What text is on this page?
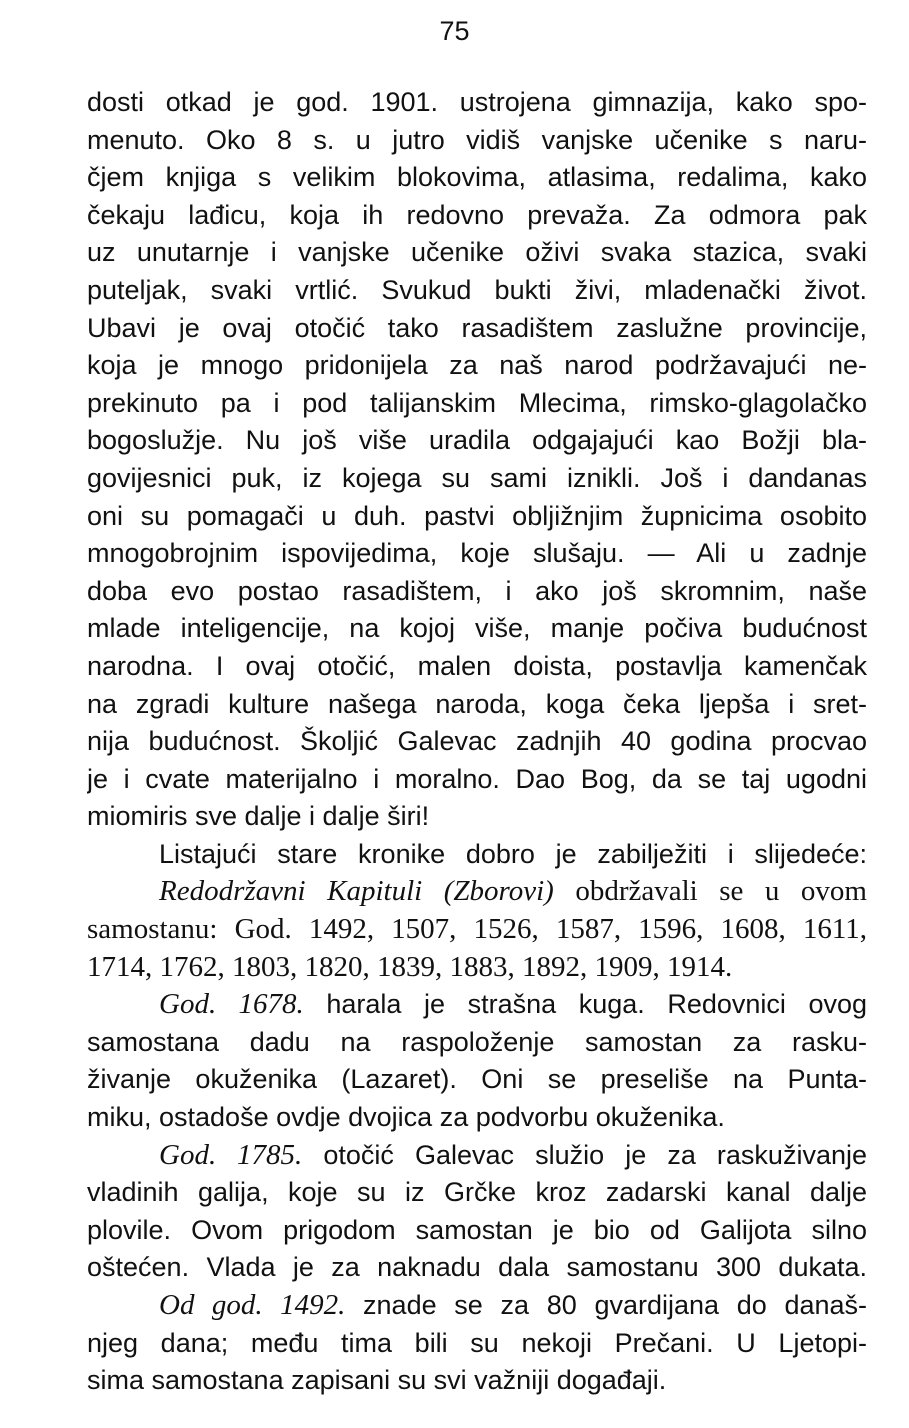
75
dosti otkad je god. 1901. ustrojena gimnazija, kako spo-
menuto. Oko 8 s. u jutro vidiš vanjske učenike s naru-
čjem knjiga s velikim blokovima, atlasima, redalima, kako
čekaju lađicu, koja ih redovno prevaža. Za odmora pak
uz unutarnje i vanjske učenike oživi svaka stazica, svaki
puteljak, svaki vrtlić. Svukud bukti živi, mladenački život.
Ubavi je ovaj otočić tako rasadištem zaslužne provincije,
koja je mnogo pridonijela za naš narod podržavajući ne-
prekinuto pa i pod talijanskim Mlecima, rimsko-glagolačko
bogoslužje. Nu još više uradila odgajajući kao Božji bla-
govijesnici puk, iz kojega su sami iznikli. Još i dandanas
oni su pomagači u duh. pastvi obljižnjim župnicima osobito
mnogobrojnim ispovijedima, koje slušaju. — Ali u zadnje
doba evo postao rasadištem, i ako još skromnim, naše
mlade inteligencije, na kojoj više, manje počiva budućnost
narodna. I ovaj otočić, malen doista, postavlja kamenčak
na zgradi kulture našega naroda, koga čeka ljepša i sret-
nija budućnost. Školjić Galevac zadnjih 40 godina procvao
je i cvate materijalno i moralno. Dao Bog, da se taj ugodni
miomiris sve dalje i dalje širi!
Listajući stare kronike dobro je zabilježiti i slijedeće:
Redodržavni Kapituli (Zborovi) obdržavali se u ovom
samostanu: God. 1492, 1507, 1526, 1587, 1596, 1608, 1611,
1714, 1762, 1803, 1820, 1839, 1883, 1892, 1909, 1914.
God. 1678. harala je strašna kuga. Redovnici ovog
samostana dadu na raspoloženje samostan za rasku-
živanje okuženika (Lazaret). Oni se preseliše na Punta-
miku, ostadoše ovdje dvojica za podvorbu okuženika.
God. 1785. otočić Galevac služio je za raskuživanje
vladinih galija, koje su iz Grčke kroz zadarski kanal dalje
plovile. Ovom prigodom samostan je bio od Galijota silno
oštećen. Vlada je za naknadu dala samostanu 300 dukata.
Od god. 1492. znade se za 80 gvardijana do današ-
njeg dana; među tima bili su nekoji Prečani. U Ljetopi-
sima samostana zapisani su svi važniji događaji.
